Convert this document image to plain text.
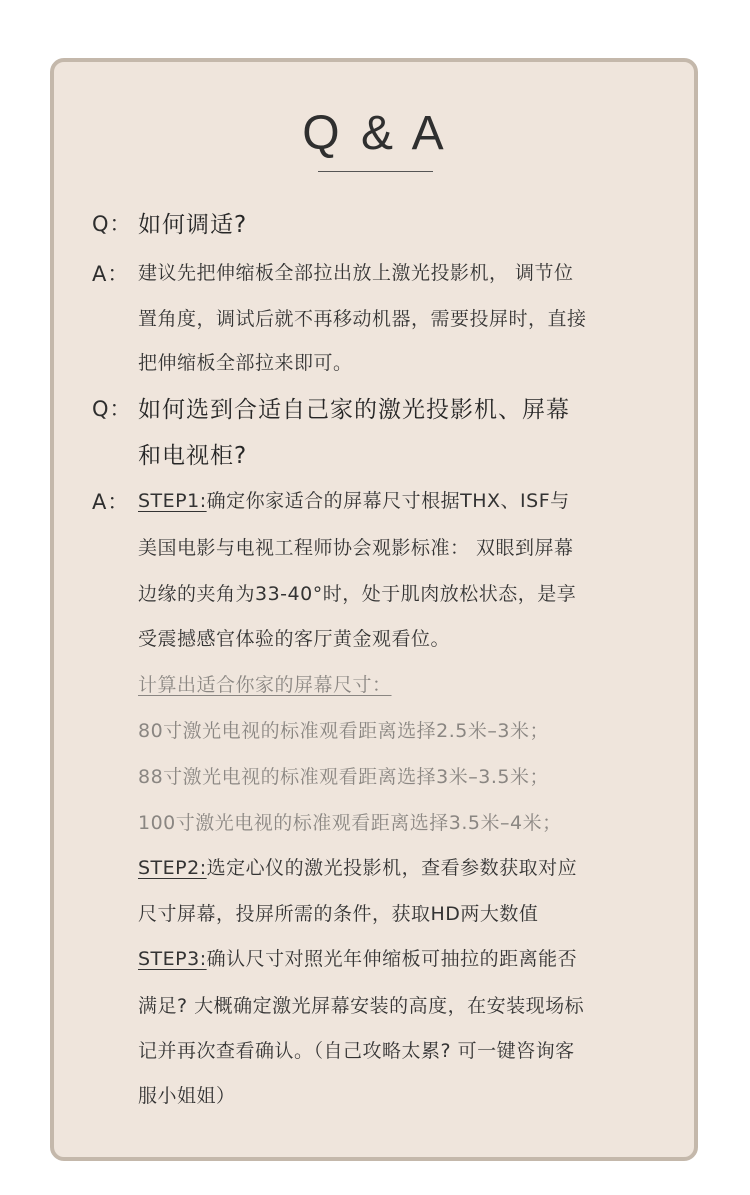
Q & A
Q： 如何调适?
A： 建议先把伸缩板全部拉出放上激光投影机， 调节位
置角度，调试后就不再移动机器，需要投屏时，直接
把伸缩板全部拉来即可。
Q： 如何选到合适自己家的激光投影机、屏幕
和电视柜?
A： STEP1:确定你家适合的屏幕尺寸根据THX、ISF与
美国电影与电视工程师协会观影标准： 双眼到屏幕
边缘的夹角为33-40°时，处于肌肉放松状态，是享
受震撼感官体验的客厅黄金观看位。
计算出适合你家的屏幕尺寸：
80寸激光电视的标准观看距离选择2.5米–3米；
88寸激光电视的标准观看距离选择3米–3.5米；
100寸激光电视的标准观看距离选择3.5米–4米；
STEP2:选定心仪的激光投影机，查看参数获取对应
尺寸屏幕，投屏所需的条件，获取HD两大数值
STEP3:确认尺寸对照光年伸缩板可抽拉的距离能否
满足? 大概确定激光屏幕安装的高度，在安装现场标
记并再次查看确认。（自己攻略太累? 可一键咨询客
服小姐姐）
